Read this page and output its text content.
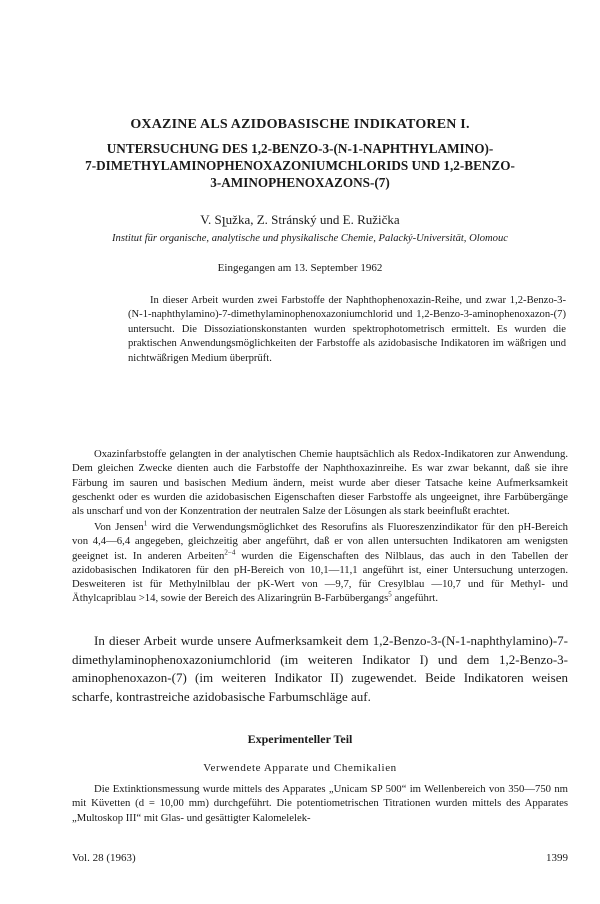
OXAZINE ALS AZIDOBASISCHE INDIKATOREN I.
UNTERSUCHUNG DES 1,2-BENZO-3-(N-1-NAPHTHYLAMINO)-
7-DIMETHYLAMINOPHENOXAZONIUMCHLORIDS UND 1,2-BENZO-
3-AMINOPHENOXAZONS-(7)
V. Sլužka, Z. Stránský und E. Ružička
Institut für organische, analytische und physikalische Chemie, Palacký-Universität, Olomouc
Eingegangen am 13. September 1962

In dieser Arbeit wurden zwei Farbstoffe der Naphthophenoxazin-Reihe, und zwar 1,2-Benzo-3-(N-1-naphthylamino)-7-dimethylaminophenoxazoniumchlorid und 1,2-Benzo-3-aminophenoxazon-(7) untersucht. Die Dissoziationskonstanten wurden spektrophotometrisch ermittelt. Es wurden die praktischen Anwendungsmöglichkeiten der Farbstoffe als azidobasische Indikatoren im wäßrigen und nichtwäßrigen Medium überprüft.

Oxazinfarbstoffe gelangten in der analytischen Chemie hauptsächlich als Redox-Indikatoren zur Anwendung. Dem gleichen Zwecke dienten auch die Farbstoffe der Naphthoxazinreihe. Es war zwar bekannt, daß sie ihre Färbung im sauren und basischen Medium ändern, meist wurde aber dieser Tatsache keine Aufmerksamkeit geschenkt oder es wurden die azidobasischen Eigenschaften dieser Farbstoffe als ungeeignet, ihre Farbübergänge als unscharf und von der Konzentration der neutralen Salze der Lösungen als stark beeinflußt erachtet.

Von Jensen$^1$ wird die Verwendungsmöglichket des Resorufins als Fluoreszenzindikator für den pH-Bereich von 4,4—6,4 angegeben, gleichzeitig aber angeführt, daß er von allen untersuchten Indikatoren am wenigsten geeignet ist. In anderen Arbeiten$^{2-4}$ wurden die Eigenschaften des Nilblaus, das auch in den Tabellen der azidobasischen Indikatoren für den pH-Bereich von 10,1—11,1 angeführt ist, einer Untersuchung unterzogen. Desweiteren ist für Methylnilblau der pK-Wert von —9,7, für Cresylblau —10,7 und für Methyl- und Äthylcapriblau >14, sowie der Bereich des Alizaringrün B-Farbübergangs$^5$ angeführt.

In dieser Arbeit wurde unsere Aufmerksamkeit dem 1,2-Benzo-3-(N-1-naphthylamino)-7-dimethylaminophenoxazoniumchlorid (im weiteren Indikator I) und dem 1,2-Benzo-3-aminophenoxazon-(7) (im weiteren Indikator II) zugewendet. Beide Indikatoren weisen scharfe, kontrastreiche azidobasische Farbumschläge auf.

Experimenteller Teil
Verwendete Apparate und Chemikalien

Die Extinktionsmessung wurde mittels des Apparates „Unicam SP 500“ im Wellenbereich von 350—750 nm mit Küvetten (d = 10,00 mm) durchgeführt. Die potentiometrischen Titrationen wurden mittels des Apparates „Multoskop III“ mit Glas- und gesättigter Kalomelelek-

Vol. 28 (1963)	1399
